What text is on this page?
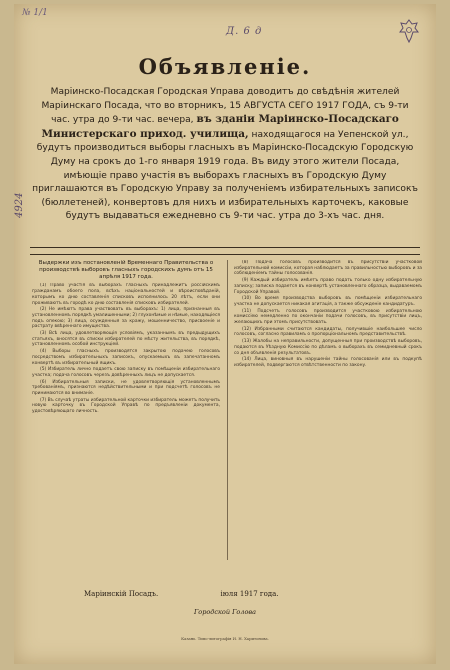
№ 1/1
Д. 6 д
4924
Объявленіе.
Маріинско-Посадская Городская Управа доводитъ до свѣдѣнія жителей Маріинскаго Посада, что во вторникъ, 15 АВГУСТА СЕГО 1917 ГОДА, съ 9-ти час. утра до 9-ти час. вечера, въ зданіи Маріинско-Посадскаго Министерскаго приход. училища, находящагося на Уепенской ул., будутъ производиться выборы гласныхъ въ Маріинско-Посадскую Городскую Думу на срокъ до 1-го января 1919 года. Въ виду этого жители Посада, имѣющіе право участія въ выборахъ гласныхъ въ Городскую Думу приглашаются въ Городскую Управу за полученіемъ избирательныхъ записокъ (бюллетеней), конвертовъ для нихъ и избирательныхъ карточекъ, каковые будутъ выдаваться ежедневно съ 9-ти час. утра до 3-хъ час. дня.
Выдержки изъ постановленій Временнаго Правительства о производствѣ выборовъ гласныхъ городскихъ думъ отъ 15 апрѣля 1917 года.

(1) Право участія въ выборахъ гласныхъ принадлежитъ россійскимъ гражданамъ обоего пола, всѣхъ національностей и вѣроисповѣданій, которымъ ко дню составленія списковъ исполнилось 20 лѣтъ, если они проживаютъ въ городѣ ко дню составленія списковъ избирателей.

(2) Не имѣютъ права участвовать въ выборахъ: 1) лица, признанныя въ установленномъ порядкѣ умалишенными; 2) глухонѣмые и нѣмые, находящіеся подъ опекою; 3) лица, осужденныя за кражу, мошенничество, присвоеніе и растрату ввѣреннаго имущества.

(3) Всѣ лица, удовлетворяющія условіямъ, указаннымъ въ предыдущихъ статьяхъ, вносятся въ списки избирателей по мѣсту жительства, въ порядкѣ, установленномъ особой инструкціей.

(4) Выборы гласныхъ производятся закрытою подачею голосовъ посредствомъ избирательныхъ записокъ, опускаемыхъ въ запечатанномъ конвертѣ въ избирательный ящикъ.

(5) Избиратель лично подаетъ свою записку въ помѣщеніи избирательнаго участка; подача голосовъ черезъ довѣренныхъ лицъ не допускается.

(6) Избирательныя записки, не удовлетворяющія установленнымъ требованіямъ, признаются недѣйствительными и при подсчетѣ голосовъ не принимаются во вниманіе.

(7) Въ случаѣ утраты избирательной карточки избиратель можетъ получить новую карточку въ Городской Управѣ по предъявленіи документа, удостовѣряющаго личность.

(8) Подача голосовъ производится въ присутствіи участковой избирательной комиссіи, которая наблюдаетъ за правильностью выборовъ и за соблюденіемъ тайны голосованія.

(9) Каждый избиратель имѣетъ право подать только одну избирательную записку; записка подается въ конвертѣ установленнаго образца, выдаваемомъ Городской Управой.

(10) Во время производства выборовъ въ помѣщеніи избирательнаго участка не допускается никакая агитація, а также обсужденіе кандидатуръ.

(11) Подсчетъ голосовъ производится участковою избирательною комиссіею немедленно по окончаніи подачи голосовъ, въ присутствіи лицъ, желающихъ при этомъ присутствовать.

(12) Избранными считаются кандидаты, получившіе наибольшее число голосовъ, согласно правиламъ о пропорціональномъ представительствѣ.

(13) Жалобы на неправильности, допущенныя при производствѣ выборовъ, подаются въ Уѣздную Комиссію по дѣламъ о выборахъ въ семидневный срокъ со дня объявленія результатовъ.

(14) Лица, виновныя въ нарушеніи тайны голосованія или въ подкупѣ избирателей, подвергаются отвѣтственности по закону.

Маріинскій Посадъ.	іюля 1917 года.
Городской Голова
Казань. Типо-литографія И. Н. Харитонова.
